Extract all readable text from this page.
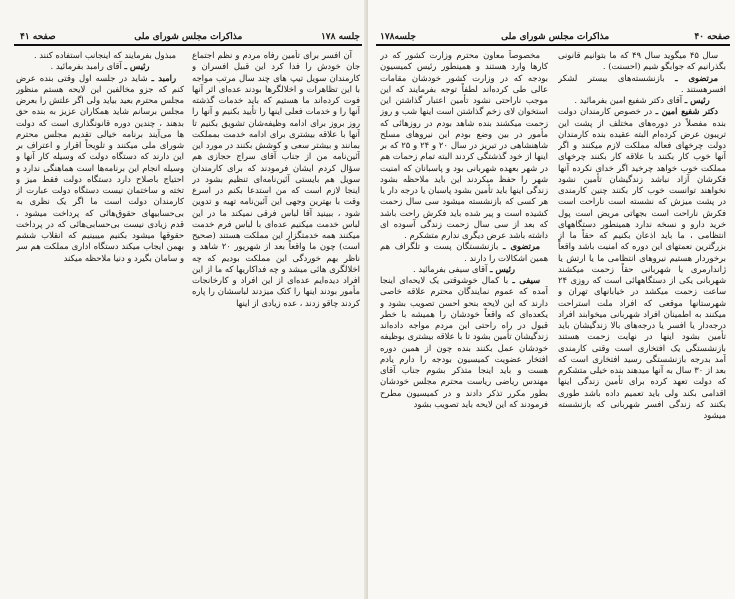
صفحه ۴۱	مذاکرات مجلس شورای ملی	جلسه ۱۷۸

مبذول بفرمایند که اینجانب استفاده کنند .

رئیس ـ آقای رامبد بفرمائید .

رامبد ـ شاید در جلسه اول وقتی بنده عرض کنم که جزو مخالفین این لایحه هستم منظور مجلس محترم بعید بیاید ولی اگر علتش را بعرض مجلس برسانم شاید همکاران عزیز به بنده حق بدهند ، چندین دوره قانونگذاری است که دولت ها می‌آیند برنامه خیالی تقدیم مجلس محترم شورای ملی میکنند و تلویحاً اقرار و اعتراف بر این دارند که دستگاه دولت که وسیله کار آنها و وسیله انجام این برنامه‌ها است هماهنگی ندارد و احتیاج باصلاح دارد دستگاه دولت فقط میز و تخته و ساختمان نیست دستگاه دولت عبارت از کارمندان دولت است ما اگر یک نظری به بی‌حسابیهای حقوق‌هائی که پرداخت میشود ، قدم زیادی نیست بی‌حسابی‌هائی که در پرداخت حقوقها میشود بکنیم میبینیم که انقلاب ششم بهمن ایجاب میکند دستگاه اداری مملکت هم سر و سامان بگیرد و دنیا ملاحظه میکند

آن افسر برای تأمین رفاه مردم و نظم اجتماع جان خودش را فدا کرد این قبیل افسران و کارمندان سویل تیپ های چند سال مرتب مواجه با این تظاهرات و اخلالگرها بودند عده‌ای اثر آنها فوت کرده‌اند ما هستیم که باید خدمات گذشته آنها را و خدمات فعلی اینها را تأیید بکنیم و آنها را روز بروز برای ادامه وظیفه‌شان تشویق بکنیم تا آنها با علاقه بیشتری برای ادامه خدمت بمملکت بمانند و بیشتر سعی و کوشش بکنند در مورد این آئین‌نامه من از جناب آقای سراج حجازی هم سؤال کردم ایشان فرمودند که برای کارمندان سویل هم بایستی آئین‌نامه‌ای تنظیم بشود در اینجا لازم است که من استدعا بکنم در اسرع وقت با بهترین وجهی این آئین‌نامه تهیه و تدوین شود ، ببینید آقا لباس فرقی نمیکند ما در این لباس خدمت میکنیم عده‌ای با لباس فرم خدمت میکنند همه خدمتگزار این مملکت هستند (صحیح است) چون ما واقعاً بعد از شهریور ۲۰ شاهد و ناظر بهم خوردگی این مملکت بودیم که چه اخلالگری هائی میشد و چه فداکاریها که ما از این افراد دیده‌ایم عده‌ای از این افراد و کارخانجات مأمور بودند اینها را کتک میزدند لباسشان را پاره کردند چاقو زدند ، عده زیادی از اینها

جلسه۱۷۸	مذاکرات مجلس شورای ملی	صفحه ۴۰

مخصوصاً معاون محترم وزارت کشور که در کارها وارد هستند و همینطور رئیس کمیسیون بودجه که در وزارت کشور خودشان مقامات عالی طی کرده‌اند لطفاً توجه بفرمایند که این موجب ناراحتی نشود تأمین اعتبار گذاشتن این استخوان لای زخم گذاشتن است اینها شب و روز زحمت میکشند بنده شاهد بودم در روزهائی که مأمور در بین وضع بودم این نیروهای مسلح شاهنشاهی در تبریز در سال ۲۰ و ۲۴ و ۲۵ که بر اینها از خود گذشتگی کردند البته تمام زحمات هم در شهر بعهده شهربانی بود و پاسبانان که امنیت شهر را حفظ میکردند این باید ملاحظه بشود زندگی اینها باید تأمین بشود پاسبان یا درجه دار یا هر کسی که بازنشسته میشود سی سال زحمت کشیده است و پیر شده باید فکرش راحت باشد که بعد از سی سال زحمت زندگی آسوده ای داشته باشد عرض دیگری ندارم متشکرم .

مرتضوی ـ بازنشستگان پست و تلگراف هم همین اشکالات را دارند .

رئیس ـ آقای سیفی بفرمائید .

سیفی ـ با کمال خوشوقتی یک لایحه‌ای اینجا آمده که عموم نمایندگان محترم علاقه خاصی دارند که این لایحه بنحو احسن تصویب بشود و یکعده‌ای که واقعاً خودشان را همیشه با خطر قبول در راه راحتی این مردم مواجه داده‌اند زندگیشان تأمین بشود تا با علاقه بیشتری بوظیفه خودشان عمل بکنند بنده چون از همین دوره افتخار عضویت کمیسیون بودجه را دارم یادم هست و باید اینجا متذکر بشوم جناب آقای مهندس ریاضی ریاست محترم مجلس خودشان بطور مکرر تذکر دادند و در کمیسیون مطرح فرمودند که این لایحه باید تصویب بشود

سال ۴۵ میگوید سال ۴۹ که ما بتوانیم قانونی بگذرانیم که جوابگو شیم (احسنت) .

مرتضوی ـ بازنشسته‌های بیستر لشکر افسرهستند .

رئیس ـ آقای دکتر شفیع امین بفرمائید .

دکتر شفیع امین ـ در خصوص کارمندان دولت بنده مفصلاً در دوره‌های مختلف از پشت این تریبون عرض کرده‌ام البته عقیده بنده کارمندان دولت چرخهای فعاله مملکت لازم میکنند و اگر آنها خوب کار بکنند با علاقه کار بکنند چرخهای مملکت خوب خواهد چرخید اگر خدای نکرده آنها فکرشان آزاد نباشد زندگیشان تأمین نشود نخواهند توانست خوب کار بکنند چنین کارمندی در پشت میزش که نشسته است ناراحت است فکرش ناراحت است بجهاتی مریض است پول خرید دارو و نسخه ندارد همینطور دستگاههای انتظامی ، ما باید اذعان بکنیم که حقاً ما از بزرگترین نعمتهای این دوره که امنیت باشد واقعاً برخوردار هستیم نیروهای انتظامی ما یا ارتش یا ژاندارمری یا شهربانی حقاً زحمت میکشند شهربانی یکی از دستگاههائی است که روزی ۲۴ ساعت زحمت میکشد در خیابانهای تهران و شهرستانها موقعی که افراد ملت استراحت میکنند به اطمینان افراد شهربانی میخوابند افراد درجه‌دار یا افسر یا درجه‌های بالا زندگیشان باید تأمین بشود اینها در نهایت زحمت هستند بازنشستگی یک افتخاری است وقتی کارمندی آمد بدرجه بازنشستگی رسید افتخاری است که بعد از ۳۰ سال به آنها میدهند بنده خیلی متشکرم که دولت تعهد کرده برای تأمین زندگی اینها اقدامی بکند ولی باید تعمیم داده باشد طوری بکنند که زندگی افسر شهربانی که بازنشسته میشود
